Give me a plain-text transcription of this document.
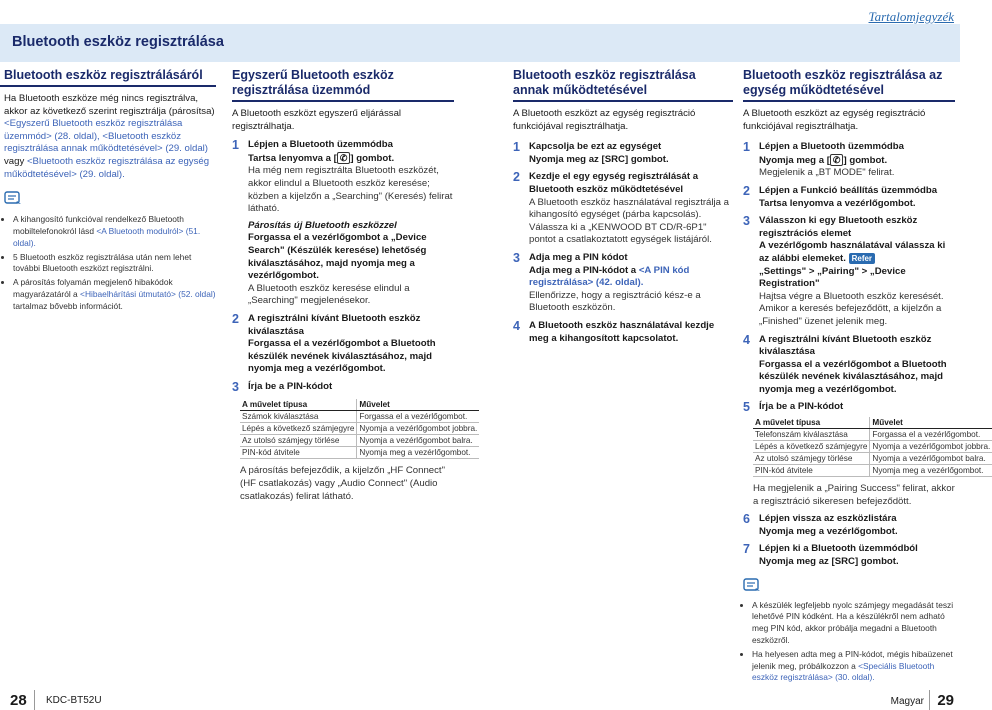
Tartalomjegyzék
Bluetooth eszköz regisztrálása
Bluetooth eszköz regisztrálásáról

Ha Bluetooth eszköze még nincs regisztrálva, akkor az következő szerint regisztrálja (párosítsa) <Egyszerű Bluetooth eszköz regisztrálása üzemmód> (28. oldal), <Bluetooth eszköz regisztrálása annak működtetésével> (29. oldal) vagy <Bluetooth eszköz regisztrálása az egység működtetésével> (29. oldal).

• A kihangosító funkcióval rendelkező Bluetooth mobiltelefonokról lásd <A Bluetooth modulról> (51. oldal).
• 5 Bluetooth eszköz regisztrálása után nem lehet további Bluetooth eszközt regisztrálni.
• A párosítás folyamán megjelenő hibakódok magyarázatáról a <Hibaelhárítási útmutató> (52. oldal) tartalmaz bővebb információt.
Egyszerű Bluetooth eszköz regisztrálása üzemmód

A Bluetooth eszközt egyszerű eljárással regisztrálhatja.

1 Lépjen a Bluetooth üzemmódba

Tartsa lenyomva a [ ✆ ] gombot.

Ha még nem regisztrálta Bluetooth eszközét, akkor elindul a Bluetooth eszköz keresése; közben a kijelzőn a „Searching" (Keresés) felirat látható.

Párosítás új Bluetooth eszközzel

Forgassa el a vezérlőgombot a „Device Search" (Készülék keresése) lehetőség kiválasztásához, majd nyomja meg a vezérlőgombot.

A Bluetooth eszköz keresése elindul a „Searching" megjelenésekor.

2 A regisztrálni kívánt Bluetooth eszköz kiválasztása

Forgassa el a vezérlőgombot a Bluetooth készülék nevének kiválasztásához, majd nyomja meg a vezérlőgombot.

3 Írja be a PIN-kódot

A művelet típusa	Művelet
Számok kiválasztása	Forgassa el a vezérlőgombot.
Lépés a következő számjegyre	Nyomja a vezérlőgombot jobbra.
Az utolsó számjegy törlése	Nyomja a vezérlőgombot balra.
PIN-kód átvitele	Nyomja meg a vezérlőgombot.

A párosítás befejeződik, a kijelzőn „HF Connect" (HF csatlakozás) vagy „Audio Connect" (Audio csatlakozás) felirat látható.

Bluetooth eszköz regisztrálása annak működtetésével

A Bluetooth eszközt az egység regisztráció funkciójával regisztrálhatja.

1 Kapcsolja be ezt az egységet

Nyomja meg az [SRC] gombot.

2 Kezdje el egy egység regisztrálását a Bluetooth eszköz működtetésével

A Bluetooth eszköz használatával regisztrálja a kihangosító egységet (párba kapcsolás). Válassza ki a „KENWOOD BT CD/R-6P1" pontot a csatlakoztatott egységek listájáról.

3 Adja meg a PIN kódot

Adja meg a PIN-kódot a <A PIN kód regisztrálása> (42. oldal).

Ellenőrizze, hogy a regisztráció kész-e a Bluetooth eszközön.

4 A Bluetooth eszköz használatával kezdje meg a kihangosított kapcsolatot.

Bluetooth eszköz regisztrálása az egység működtetésével

A Bluetooth eszközt az egység regisztráció funkciójával regisztrálhatja.

1 Lépjen a Bluetooth üzemmódba

Nyomja meg a [ ✆ ] gombot.

Megjelenik a „BT MODE" felirat.

2 Lépjen a Funkció beállítás üzemmódba

Tartsa lenyomva a vezérlőgombot.

3 Válasszon ki egy Bluetooth eszköz regisztrációs elemet

A vezérlőgomb használatával válassza ki az alábbi elemeket. Refer

„Settings" > „Pairing" > „Device Registration"

Hajtsa végre a Bluetooth eszköz keresését. Amikor a keresés befejeződött, a kijelzőn a „Finished" üzenet jelenik meg.

4 A regisztrálni kívánt Bluetooth eszköz kiválasztása

Forgassa el a vezérlőgombot a Bluetooth készülék nevének kiválasztásához, majd nyomja meg a vezérlőgombot.

5 Írja be a PIN-kódot

A művelet típusa	Művelet
Telefonszám kiválasztása	Forgassa el a vezérlőgombot.
Lépés a következő számjegyre	Nyomja a vezérlőgombot jobbra.
Az utolsó számjegy törlése	Nyomja a vezérlőgombot balra.
PIN-kód átvitele	Nyomja meg a vezérlőgombot.

Ha megjelenik a „Pairing Success" felirat, akkor a regisztráció sikeresen befejeződött.

6 Lépjen vissza az eszközlistára

Nyomja meg a vezérlőgombot.

7 Lépjen ki a Bluetooth üzemmódból

Nyomja meg az [SRC] gombot.

• A készülék legfeljebb nyolc számjegy megadását teszi lehetővé PIN kódként. Ha a készülékről nem adható meg PIN kód, akkor próbálja megadni a Bluetooth eszközről.
• Ha helyesen adta meg a PIN-kódot, mégis hibaüzenet jelenik meg, próbálkozzon a <Speciális Bluetooth eszköz regisztrálása> (30. oldal).
28 KDC-BT52U	Magyar 29
